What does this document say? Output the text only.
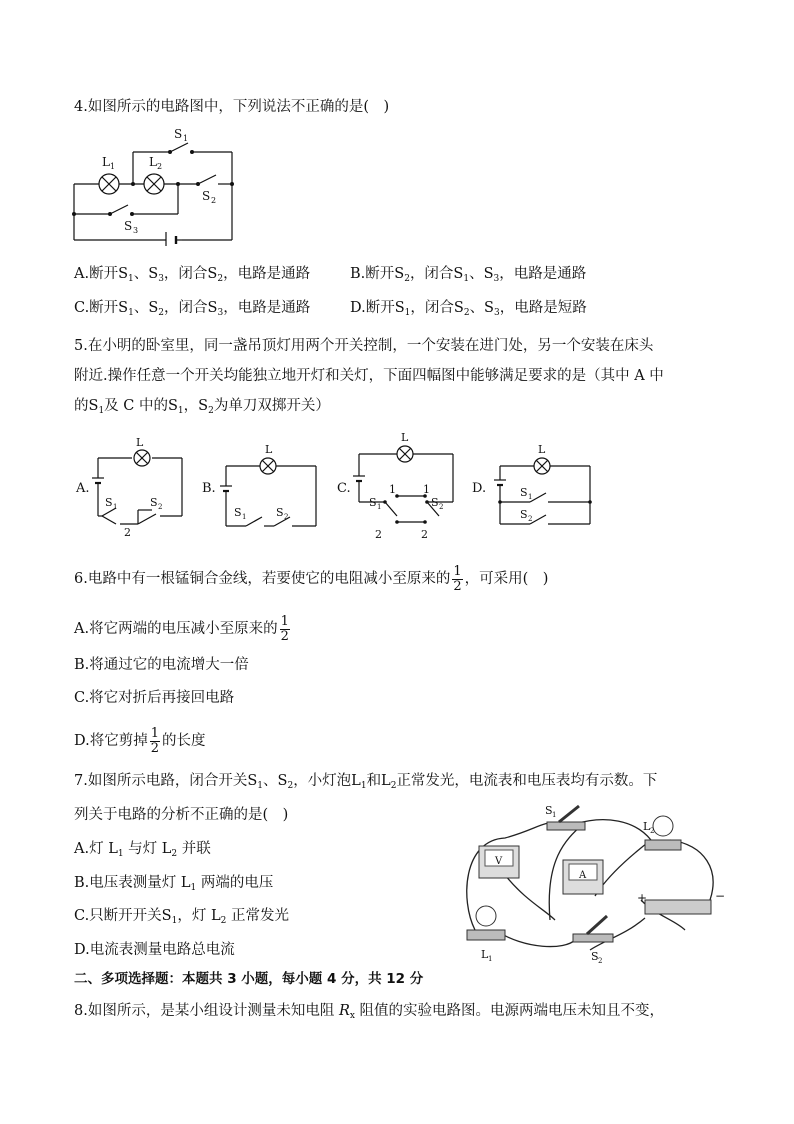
4.如图所示的电路图中，下列说法不正确的是(　)
S 1
L 1	L 2
S 2
S 3
A.断开$S_1$、$S_3$，闭合$S_2$，电路是通路	B.断开$S_2$，闭合$S_1$、$S_3$，电路是通路
C.断开$S_1$、$S_2$，闭合$S_3$，电路是通路	D.断开$S_1$，闭合$S_2$、$S_3$，电路是短路
5.在小明的卧室里，同一盏吊顶灯用两个开关控制，一个安装在进门处，另一个安装在床头
附近.操作任意一个开关均能独立地开灯和关灯，下面四幅图中能够满足要求的是（其中 A 中
的$S_1$及 C 中的$S_1$，$S_2$为单刀双掷开关）
A.
L
S 1	S 2
2
B.
L
S 1	S 2
C.
L
S 1
1 1
S 2
2	2
D.
L
S 1
S 2
6.电路中有一根锰铜合金线，若要使它的电阻减小至原来的 $\frac{1}{2}$ ，可采用(　)
A.将它两端的电压减小至原来的 $\frac{1}{2}$
B.将通过它的电流增大一倍
C.将它对折后再接回电路
D.将它剪掉 $\frac{1}{2}$ 的长度
7.如图所示电路，闭合开关$S_1$、$S_2$，小灯泡$L_1$和$L_2$正常发光，电流表和电压表均有示数。下
列关于电路的分析不正确的是(　)
A.灯 $L_1$ 与灯 $L_2$ 并联
B.电压表测量灯 $L_1$ 两端的电压
C.只断开开关$S_1$，灯 $L_2$ 正常发光
D.电流表测量电路总电流
V
A
S 1
L 2
+	−
L 1	S 2
二、多项选择题：本题共 3 小题，每小题 4 分，共 12 分
8.如图所示，是某小组设计测量未知电阻 $R_x$ 阻值的实验电路图。电源两端电压未知且不变，
